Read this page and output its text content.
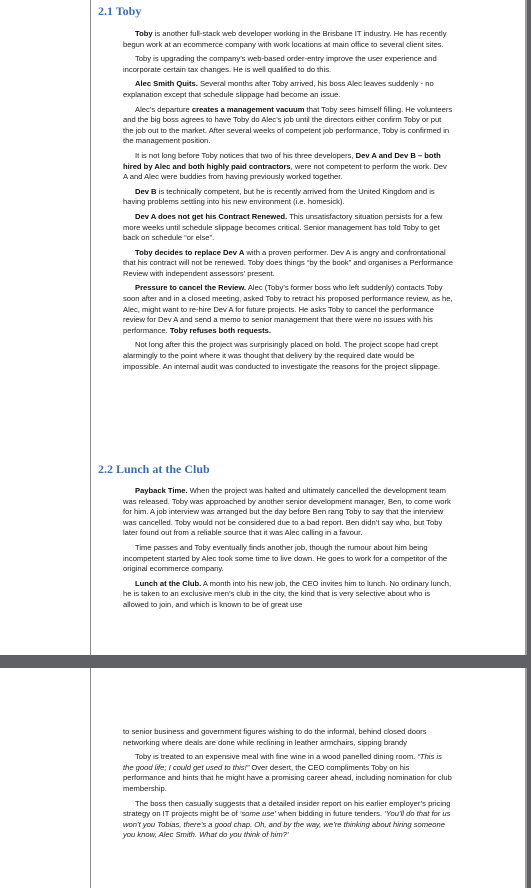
2.1 Toby

Toby is another full-stack web developer working in the Brisbane IT industry. He has recently begun work at an ecommerce company with work locations at main office to several client sites.

Toby is upgrading the company’s web-based order-entry improve the user experience and incorporate certain tax changes. He is well qualified to do this.

Alec Smith Quits. Several months after Toby arrived, his boss Alec leaves suddenly - no explanation except that schedule slippage had become an issue.

Alec’s departure creates a management vacuum that Toby sees himself filling. He volunteers and the big boss agrees to have Toby do Alec’s job until the directors either confirm Toby or put the job out to the market. After several weeks of competent job performance, Toby is confirmed in the management position.

It is not long before Toby notices that two of his three developers, Dev A and Dev B – both hired by Alec and both highly paid contractors, were not competent to perform the work. Dev A and Alec were buddies from having previously worked together.

Dev B is technically competent, but he is recently arrived from the United Kingdom and is having problems settling into his new environment (i.e. homesick).

Dev A does not get his Contract Renewed. This unsatisfactory situation persists for a few more weeks until schedule slippage becomes critical. Senior management has told Toby to get back on schedule “or else”.

Toby decides to replace Dev A with a proven performer. Dev A is angry and confrontational that his contract will not be renewed. Toby does things “by the book” and organises a Performance Review with independent assessors’ present.

Pressure to cancel the Review. Alec (Toby’s former boss who left suddenly) contacts Toby soon after and in a closed meeting, asked Toby to retract his proposed performance review, as he, Alec, might want to re-hire Dev A for future projects. He asks Toby to cancel the performance review for Dev A and send a memo to senior management that there were no issues with his performance. Toby refuses both requests.

Not long after this the project was surprisingly placed on hold. The project scope had crept alarmingly to the point where it was thought that delivery by the required date would be impossible. An internal audit was conducted to investigate the reasons for the project slippage.

2.2 Lunch at the Club

Payback Time. When the project was halted and ultimately cancelled the development team was released. Toby was approached by another senior development manager, Ben, to come work for him. A job interview was arranged but the day before Ben rang Toby to say that the interview was cancelled. Toby would not be considered due to a bad report. Ben didn’t say who, but Toby later found out from a reliable source that it was Alec calling in a favour.

Time passes and Toby eventually finds another job, though the rumour about him being incompetent started by Alec took some time to live down. He goes to work for a competitor of the original ecommerce company.

Lunch at the Club. A month into his new job, the CEO invites him to lunch. No ordinary lunch, he is taken to an exclusive men’s club in the city, the kind that is very selective about who is allowed to join, and which is known to be of great use

to senior business and government figures wishing to do the informal, behind closed doors networking where deals are done while reclining in leather armchairs, sipping brandy

Toby is treated to an expensive meal with fine wine in a wood panelled dining room. “This is the good life; I could get used to this!” Over desert, the CEO compliments Toby on his performance and hints that he might have a promising career ahead, including nomination for club membership.

The boss then casually suggests that a detailed insider report on his earlier employer’s pricing strategy on IT projects might be of ‘some use’ when bidding in future tenders. ‘You’ll do that for us won’t you Tobias, there’s a good chap. Oh, and by the way, we’re thinking about hiring someone you know, Alec Smith. What do you think of him?’
